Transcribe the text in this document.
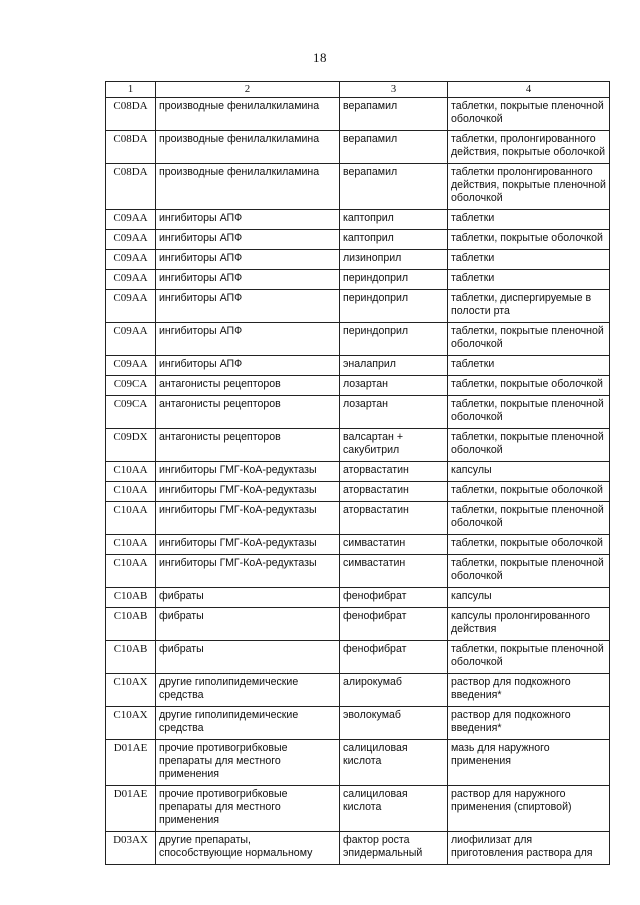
18
1	2	3	4
C08DA	производные фенилалкиламина	верапамил	таблетки, покрытые пленочной оболочкой
C08DA	производные фенилалкиламина	верапамил	таблетки, пролонгированного действия, покрытые оболочкой
C08DA	производные фенилалкиламина	верапамил	таблетки пролонгированного действия, покрытые пленочной оболочкой
C09AA	ингибиторы АПФ	каптоприл	таблетки
C09AA	ингибиторы АПФ	каптоприл	таблетки, покрытые оболочкой
C09AA	ингибиторы АПФ	лизиноприл	таблетки
C09AA	ингибиторы АПФ	периндоприл	таблетки
C09AA	ингибиторы АПФ	периндоприл	таблетки, диспергируемые в полости рта
C09AA	ингибиторы АПФ	периндоприл	таблетки, покрытые пленочной оболочкой
C09AA	ингибиторы АПФ	эналаприл	таблетки
C09CA	антагонисты рецепторов	лозартан	таблетки, покрытые оболочкой
C09CA	антагонисты рецепторов	лозартан	таблетки, покрытые пленочной оболочкой
C09DX	антагонисты рецепторов	валсартан + сакубитрил	таблетки, покрытые пленочной оболочкой
C10AA	ингибиторы ГМГ-КоА-редуктазы	аторвастатин	капсулы
C10AA	ингибиторы ГМГ-КоА-редуктазы	аторвастатин	таблетки, покрытые оболочкой
C10AA	ингибиторы ГМГ-КоА-редуктазы	аторвастатин	таблетки, покрытые пленочной оболочкой
C10AA	ингибиторы ГМГ-КоА-редуктазы	симвастатин	таблетки, покрытые оболочкой
C10AA	ингибиторы ГМГ-КоА-редуктазы	симвастатин	таблетки, покрытые пленочной оболочкой
C10AB	фибраты	фенофибрат	капсулы
C10AB	фибраты	фенофибрат	капсулы пролонгированного действия
C10AB	фибраты	фенофибрат	таблетки, покрытые пленочной оболочкой
C10AX	другие гиполипидемические средства	алирокумаб	раствор для подкожного введения*
C10AX	другие гиполипидемические средства	эволокумаб	раствор для подкожного введения*
D01AE	прочие противогрибковые препараты для местного применения	салициловая кислота	мазь для наружного применения
D01AE	прочие противогрибковые препараты для местного применения	салициловая кислота	раствор для наружного применения (спиртовой)
D03AX	другие препараты, способствующие нормальному	фактор роста эпидермальный	лиофилизат для приготовления раствора для
